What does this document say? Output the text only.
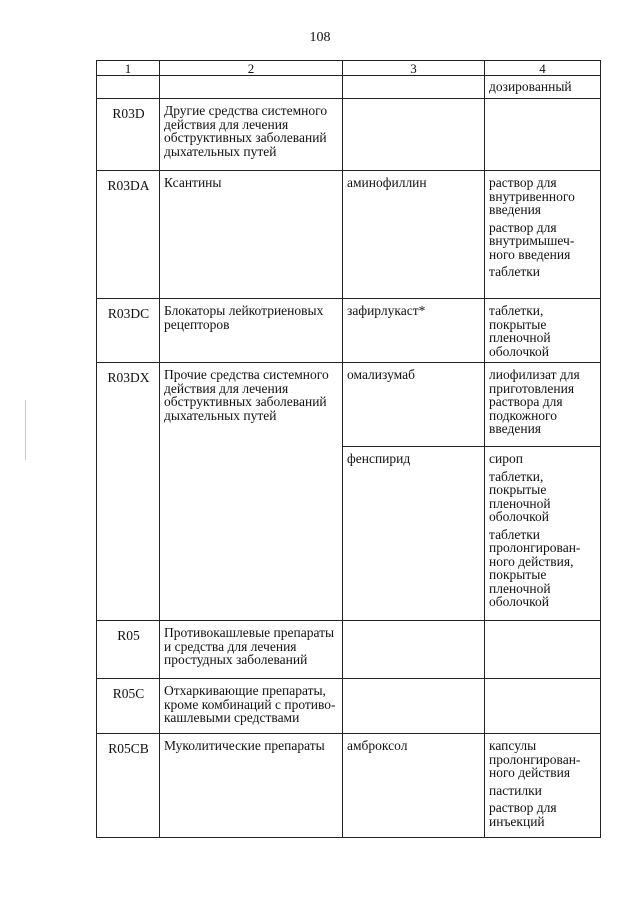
108
1	2	3	4
			дозированный
R03D	Другие средства системного действия для лечения обструктивных заболеваний дыхательных путей		
R03DA	Ксантины	аминофиллин	раствор для внутривенного введения
раствор для внутримышеч-ного введения
таблетки

R03DC	Блокаторы лейкотриеновых рецепторов	зафирлукаст*	таблетки, покрытые пленочной оболочкой

R03DX	Прочие средства системного действия для лечения обструктивных заболеваний дыхательных путей	омализумаб	лиофилизат для приготовления раствора для подкожного введения

		фенспирид	сироп
таблетки, покрытые пленочной оболочкой
таблетки пролонгирован-ного действия, покрытые пленочной оболочкой

R05	Противокашлевые препараты и средства для лечения простудных заболеваний		
R05C	Отхаркивающие препараты, кроме комбинаций с противо-кашлевыми средствами		
R05CB	Муколитические препараты	амброксол	капсулы пролонгирован-ного действия
пастилки
раствор для инъекций
